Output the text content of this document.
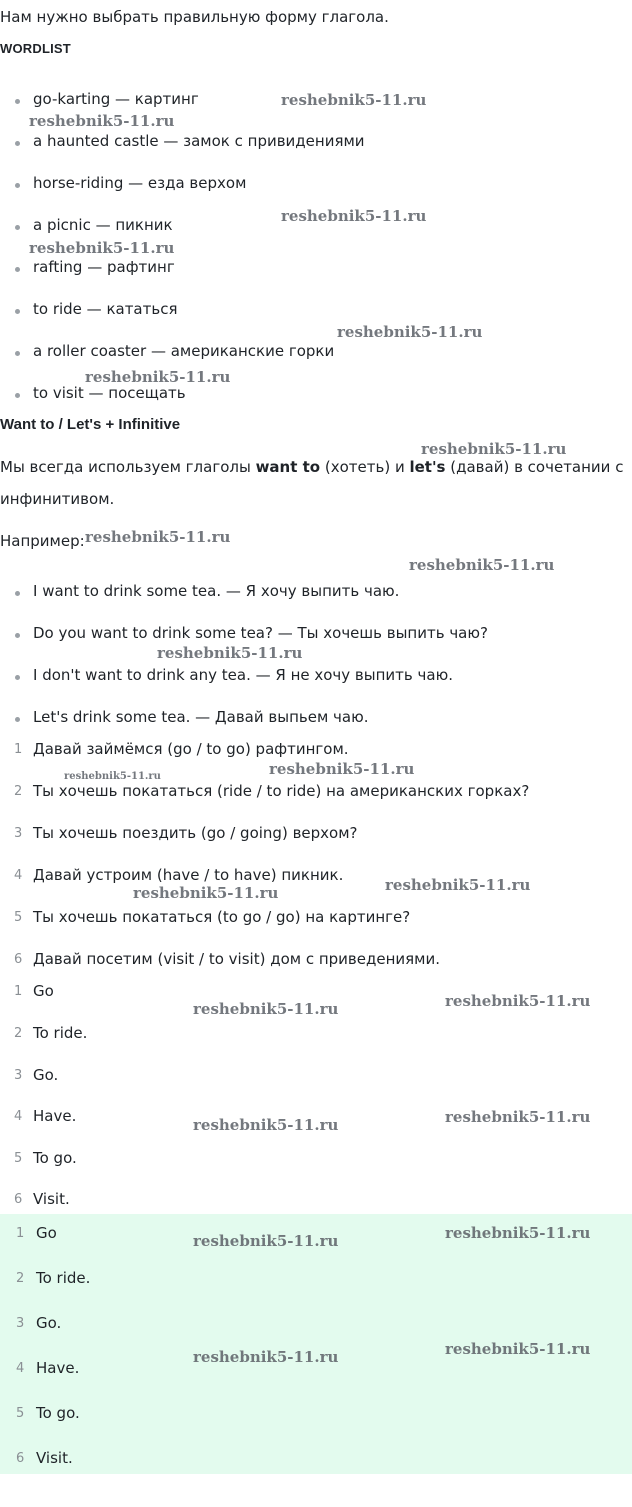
Нам нужно выбрать правильную форму глагола.

WORDLIST

go-karting — картинг
a haunted castle — замок с привидениями
horse-riding — езда верхом
a picnic — пикник
rafting — рафтинг
to ride — кататься
a roller coaster — американские горки
to visit — посещать

Want to / Let's + Infinitive

Мы всегда используем глаголы want to (хотеть) и let's (давай) в сочетании с

инфинитивом.

Например:

I want to drink some tea. — Я хочу выпить чаю.
Do you want to drink some tea? — Ты хочешь выпить чаю?
I don't want to drink any tea. — Я не хочу выпить чаю.
Let's drink some tea. — Давай выпьем чаю.
1 Давай займёмся (go / to go) рафтингом.
2 Ты хочешь покататься (ride / to ride) на американских горках?
3 Ты хочешь поездить (go / going) верхом?
4 Давай устроим (have / to have) пикник.
5 Ты хочешь покататься (to go / go) на картинге?
6 Давай посетим (visit / to visit) дом с приведениями.
1 Go
2 To ride.
3 Go.
4 Have.
5 To go.
6 Visit.
1 Go
2 To ride.
3 Go.
4 Have.
5 To go.
6 Visit.
reshebnik5-11.ru
reshebnik5-11.ru
reshebnik5-11.ru
reshebnik5-11.ru
reshebnik5-11.ru
reshebnik5-11.ru
reshebnik5-11.ru
reshebnik5-11.ru
reshebnik5-11.ru
reshebnik5-11.ru
reshebnik5-11.ru	reshebnik5-11.ru
reshebnik5-11.ru
reshebnik5-11.ru
reshebnik5-11.ru
reshebnik5-11.ru
reshebnik5-11.ru
reshebnik5-11.ru
reshebnik5-11.ru
reshebnik5-11.ru
reshebnik5-11.ru
reshebnik5-11.ru
